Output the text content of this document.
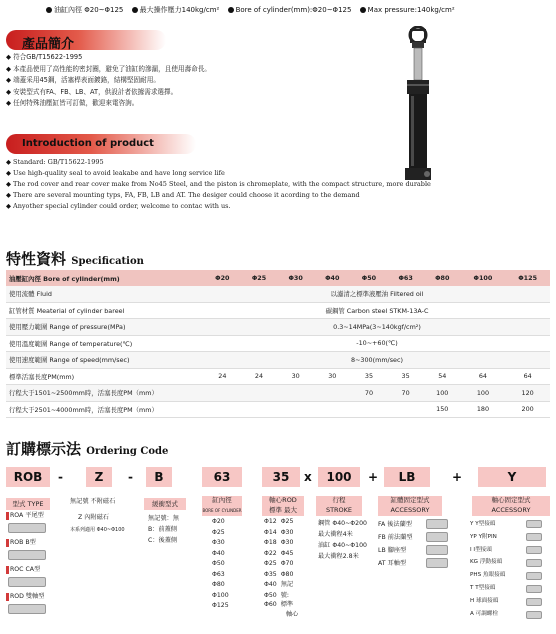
油缸內徑 Φ20~Φ125 最大操作壓力140kg/cm² Bore of cylinder(mm):Φ20~Φ125 Max pressure:140kg/cm²
產品簡介
◆ 符合GB/T15622-1995
◆ 本產品使用了高性能的密封圈，避免了油缸的滲漏，且使用壽命長。
◆ 端蓋采用45鋼，活塞桿表面鍍鉻，結構堅固耐用。
◆ 安裝型式有FA、FB、LB、AT，供設計者依據需求選擇。
◆ 任何特殊油壓缸皆可訂做，歡迎來電咨詢。
Introduction of product
◆ Standard: GB/T15622-1995
◆ Use high-quality seal to avoid leakabe and have long service life
◆ The rod cover and rear cover make from No45 Steel, and the piston is chromeplate, with the compact structure, more durable
◆ There are several mounting typs, FA, FB, LB and AT. The desiger could choose it acording to the demand
◆ Anyother special cylinder could order, welcome to contac with us.
特性資料 Specification
油壓缸內徑 Bore of cylinder(mm)	Φ20	Φ25	Φ30	Φ40	Φ50	Φ63	Φ80	Φ100	Φ125
使用流體 Fluid	以濾清之標準液壓油 Filtered oil								
缸管材質 Meaterial of cylinder bareel	碳鋼管 Carbon steel STKM-13A-C								
使用壓力範圍 Range of pressure(MPa)	0.3~14MPa(3~140kgf/cm²)								
使用溫度範圍 Range of temperature(℃)	-10~+60(℃)								
使用速度範圍 Range of speed(mm/sec)	8~300(mm/sec)								
標準活塞長度PM(mm)	24	24	30	30	35	35	54	64	64
行程大于1501~2500mm時，活塞長度PM（mm）					70	70	100	100	120
行程大于2501~4000mm時，活塞長度PM（mm）							150	180	200
訂購標示法 Ordering Code
ROB	-	Z	-	B	63	35	x	100	+	LB	+	Y
型式 TYPE	無記號 不附磁石	緩衝型式	缸內徑
BORE OF CYLINDER
軸心ROD
標準 最大
行程
STROKE
缸體固定型式
ACCESSORY
軸心固定型式
ACCESSORY
ROA 平尾型
ROB B型
ROC CA型
ROD 雙軸型
Z 內附磁石
本系列適用 Φ40~Φ100
無記號：無
B：前蓋側
C：後蓋側
Φ20
Φ25
Φ30
Φ40
Φ50
Φ63
Φ80
Φ100
Φ125
Φ12 Φ25
Φ14 Φ30
Φ18 Φ30
Φ22 Φ45
Φ25 Φ70
Φ35 Φ80
Φ40 無記
Φ50 號:
Φ60 標準
軸心
鋼管 Φ40~Φ200
最大衝程4米
油缸 Φ40~Φ100
最大衝程2.8米
FA 後法蘭型
FB 前法蘭型
LB 腳座型
AT 耳軸型
Y Y型接頭
YP Y附PIN
I I型接頭
KG 浮動接頭
PHS 魚眼接頭
T T型接頭
H 球面接頭
A 可調螺栓
